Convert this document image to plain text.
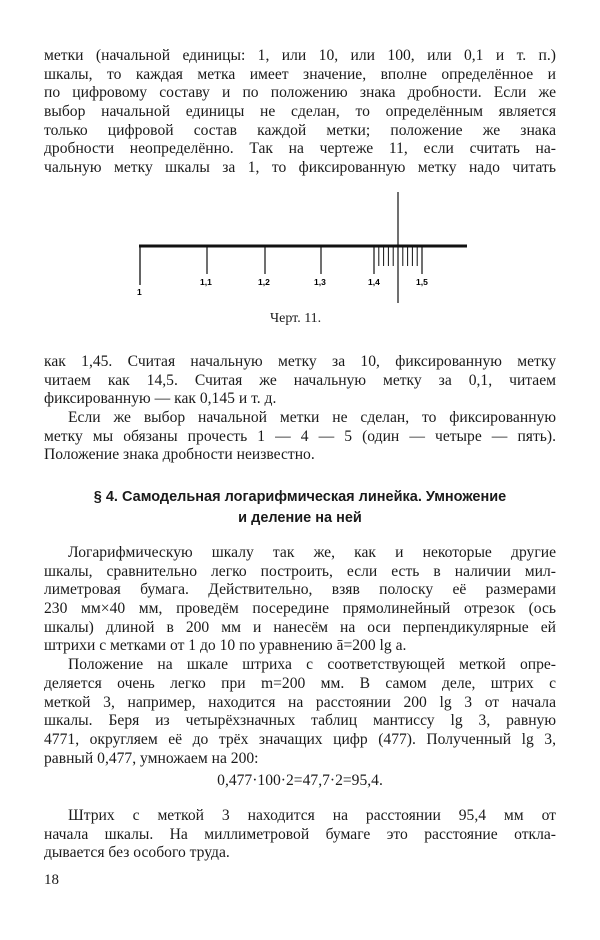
метки (начальной единицы: 1, или 10, или 100, или 0,1 и т. п.)
шкалы, то каждая метка имеет значение, вполне определённое и
по цифровому составу и по положению знака дробности. Если же
выбор начальной единицы не сделан, то определённым является
только цифровой состав каждой метки; положение же знака
дробности неопределённо. Так на чертеже 11, если считать на-
чальную метку шкалы за 1, то фиксированную метку надо читать
1
1,1	1,2	1,3	1,4	1,5
Черт. 11.
как 1,45. Считая начальную метку за 10, фиксированную метку
читаем как 14,5. Считая же начальную метку за 0,1, читаем
фиксированную — как 0,145 и т. д.
Если же выбор начальной метки не сделан, то фиксированную
метку мы обязаны прочесть 1 — 4 — 5 (один — четыре — пять).
Положение знака дробности неизвестно.
§ 4. Самодельная логарифмическая линейка. Умножение
и деление на ней
Логарифмическую шкалу так же, как и некоторые другие
шкалы, сравнительно легко построить, если есть в наличии мил-
лиметровая бумага. Действительно, взяв полоску её размерами
230 мм×40 мм, проведём посередине прямолинейный отрезок (ось
шкалы) длиной в 200 мм и нанесём на оси перпендикулярные ей
штрихи с метками от 1 до 10 по уравнению ā=200 lg a.
Положение на шкале штриха с соответствующей меткой опре-
деляется очень легко при m=200 мм. В самом деле, штрих с
меткой 3, например, находится на расстоянии 200 lg 3 от начала
шкалы. Беря из четырёхзначных таблиц мантиссу lg 3, равную
4771, округляем её до трёх значащих цифр (477). Полученный lg 3,
равный 0,477, умножаем на 200:
0,477·100·2=47,7·2=95,4.
Штрих с меткой 3 находится на расстоянии 95,4 мм от
начала шкалы. На миллиметровой бумаге это расстояние откла-
дывается без особого труда.
18
